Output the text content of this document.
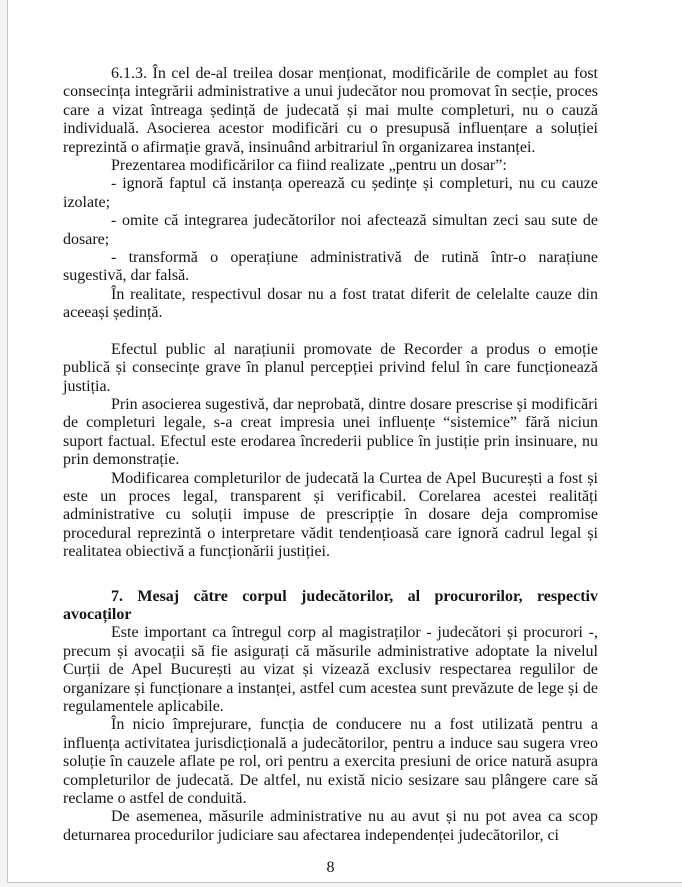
6.1.3. În cel de-al treilea dosar menționat, modificările de complet au fost consecința integrării administrative a unui judecător nou promovat în secție, proces care a vizat întreaga ședință de judecată și mai multe completuri, nu o cauză individuală. Asocierea acestor modificări cu o presupusă influențare a soluției reprezintă o afirmație gravă, insinuând arbitrariul în organizarea instanței.

Prezentarea modificărilor ca fiind realizate „pentru un dosar”:

- ignoră faptul că instanța operează cu ședințe și completuri, nu cu cauze izolate;

- omite că integrarea judecătorilor noi afectează simultan zeci sau sute de dosare;

- transformă o operațiune administrativă de rutină într-o narațiune sugestivă, dar falsă.

În realitate, respectivul dosar nu a fost tratat diferit de celelalte cauze din aceeași ședință.

Efectul public al narațiunii promovate de Recorder a produs o emoție publică și consecințe grave în planul percepției privind felul în care funcționează justiția.

Prin asocierea sugestivă, dar neprobată, dintre dosare prescrise și modificări de completuri legale, s-a creat impresia unei influențe “sistemice” fără niciun suport factual. Efectul este erodarea încrederii publice în justiție prin insinuare, nu prin demonstrație.

Modificarea completurilor de judecată la Curtea de Apel București a fost și este un proces legal, transparent și verificabil. Corelarea acestei realități administrative cu soluții impuse de prescripție în dosare deja compromise procedural reprezintă o interpretare vădit tendențioasă care ignoră cadrul legal și realitatea obiectivă a funcționării justiției.

7. Mesaj către corpul judecătorilor, al procurorilor, respectiv
avocaților

Este important ca întregul corp al magistraților - judecători și procurori -, precum și avocații să fie asigurați că măsurile administrative adoptate la nivelul Curții de Apel București au vizat și vizează exclusiv respectarea regulilor de organizare și funcționare a instanței, astfel cum acestea sunt prevăzute de lege și de regulamentele aplicabile.

În nicio împrejurare, funcția de conducere nu a fost utilizată pentru a influența activitatea jurisdicțională a judecătorilor, pentru a induce sau sugera vreo soluție în cauzele aflate pe rol, ori pentru a exercita presiuni de orice natură asupra completurilor de judecată. De altfel, nu există nicio sesizare sau plângere care să reclame o astfel de conduită.

De asemenea, măsurile administrative nu au avut și nu pot avea ca scop deturnarea procedurilor judiciare sau afectarea independenței judecătorilor, ci

8
